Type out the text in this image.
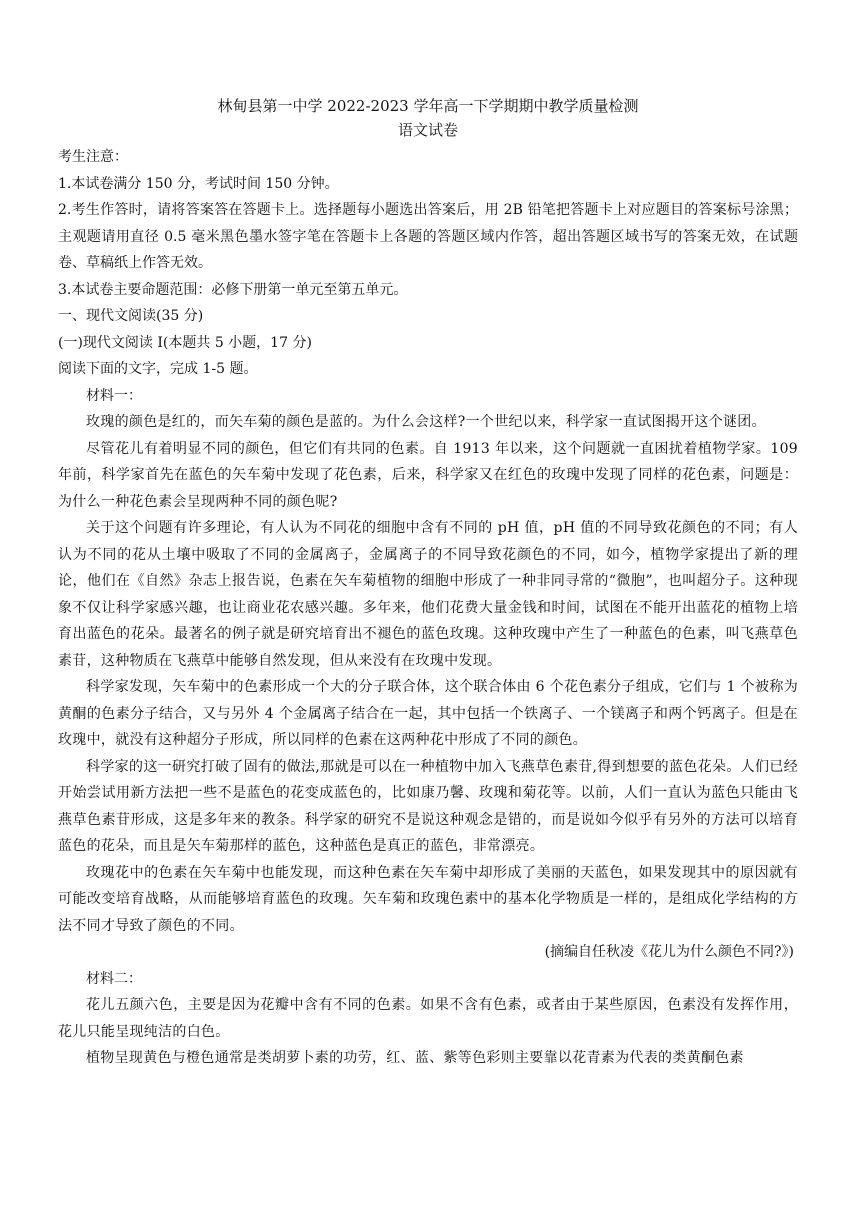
林甸县第一中学 2022-2023 学年高一下学期期中教学质量检测

语文试卷

考生注意：

1.本试卷满分 150 分，考试时间 150 分钟。

2.考生作答时，请将答案答在答题卡上。选择题每小题选出答案后，用 2B 铅笔把答题卡上对应题目的答案标号涂黑；主观题请用直径 0.5 毫米黑色墨水签字笔在答题卡上各题的答题区域内作答，超出答题区域书写的答案无效，在试题卷、草稿纸上作答无效。

3.本试卷主要命题范围：必修下册第一单元至第五单元。

一、现代文阅读(35 分)

(一)现代文阅读 I(本题共 5 小题，17 分)

阅读下面的文字，完成 1-5 题。

材料一：

玫瑰的颜色是红的，而矢车菊的颜色是蓝的。为什么会这样?一个世纪以来，科学家一直试图揭开这个谜团。

尽管花儿有着明显不同的颜色，但它们有共同的色素。自 1913 年以来，这个问题就一直困扰着植物学家。109 年前，科学家首先在蓝色的矢车菊中发现了花色素，后来，科学家又在红色的玫瑰中发现了同样的花色素，问题是：为什么一种花色素会呈现两种不同的颜色呢?

关于这个问题有许多理论，有人认为不同花的细胞中含有不同的 pH 值，pH 值的不同导致花颜色的不同；有人认为不同的花从土壤中吸取了不同的金属离子，金属离子的不同导致花颜色的不同，如今，植物学家提出了新的理论，他们在《自然》杂志上报告说，色素在矢车菊植物的细胞中形成了一种非同寻常的“微胞”，也叫超分子。这种现象不仅让科学家感兴趣，也让商业花农感兴趣。多年来，他们花费大量金钱和时间，试图在不能开出蓝花的植物上培育出蓝色的花朵。最著名的例子就是研究培育出不褪色的蓝色玫瑰。这种玫瑰中产生了一种蓝色的色素，叫飞燕草色素苷，这种物质在飞燕草中能够自然发现，但从来没有在玫瑰中发现。

科学家发现，矢车菊中的色素形成一个大的分子联合体，这个联合体由 6 个花色素分子组成，它们与 1 个被称为黄酮的色素分子结合，又与另外 4 个金属离子结合在一起，其中包括一个铁离子、一个镁离子和两个钙离子。但是在玫瑰中，就没有这种超分子形成，所以同样的色素在这两种花中形成了不同的颜色。

科学家的这一研究打破了固有的做法,那就是可以在一种植物中加入飞燕草色素苷,得到想要的蓝色花朵。人们已经开始尝试用新方法把一些不是蓝色的花变成蓝色的，比如康乃馨、玫瑰和菊花等。以前，人们一直认为蓝色只能由飞燕草色素苷形成，这是多年来的教条。科学家的研究不是说这种观念是错的，而是说如今似乎有另外的方法可以培育蓝色的花朵，而且是矢车菊那样的蓝色，这种蓝色是真正的蓝色，非常漂亮。

玫瑰花中的色素在矢车菊中也能发现，而这种色素在矢车菊中却形成了美丽的天蓝色，如果发现其中的原因就有可能改变培育战略，从而能够培育蓝色的玫瑰。矢车菊和玫瑰色素中的基本化学物质是一样的，是组成化学结构的方法不同才导致了颜色的不同。

(摘编自任秋凌《花儿为什么颜色不同?》)

材料二：

花儿五颜六色，主要是因为花瓣中含有不同的色素。如果不含有色素，或者由于某些原因，色素没有发挥作用，花儿只能呈现纯洁的白色。

植物呈现黄色与橙色通常是类胡萝卜素的功劳，红、蓝、紫等色彩则主要靠以花青素为代表的类黄酮色素
